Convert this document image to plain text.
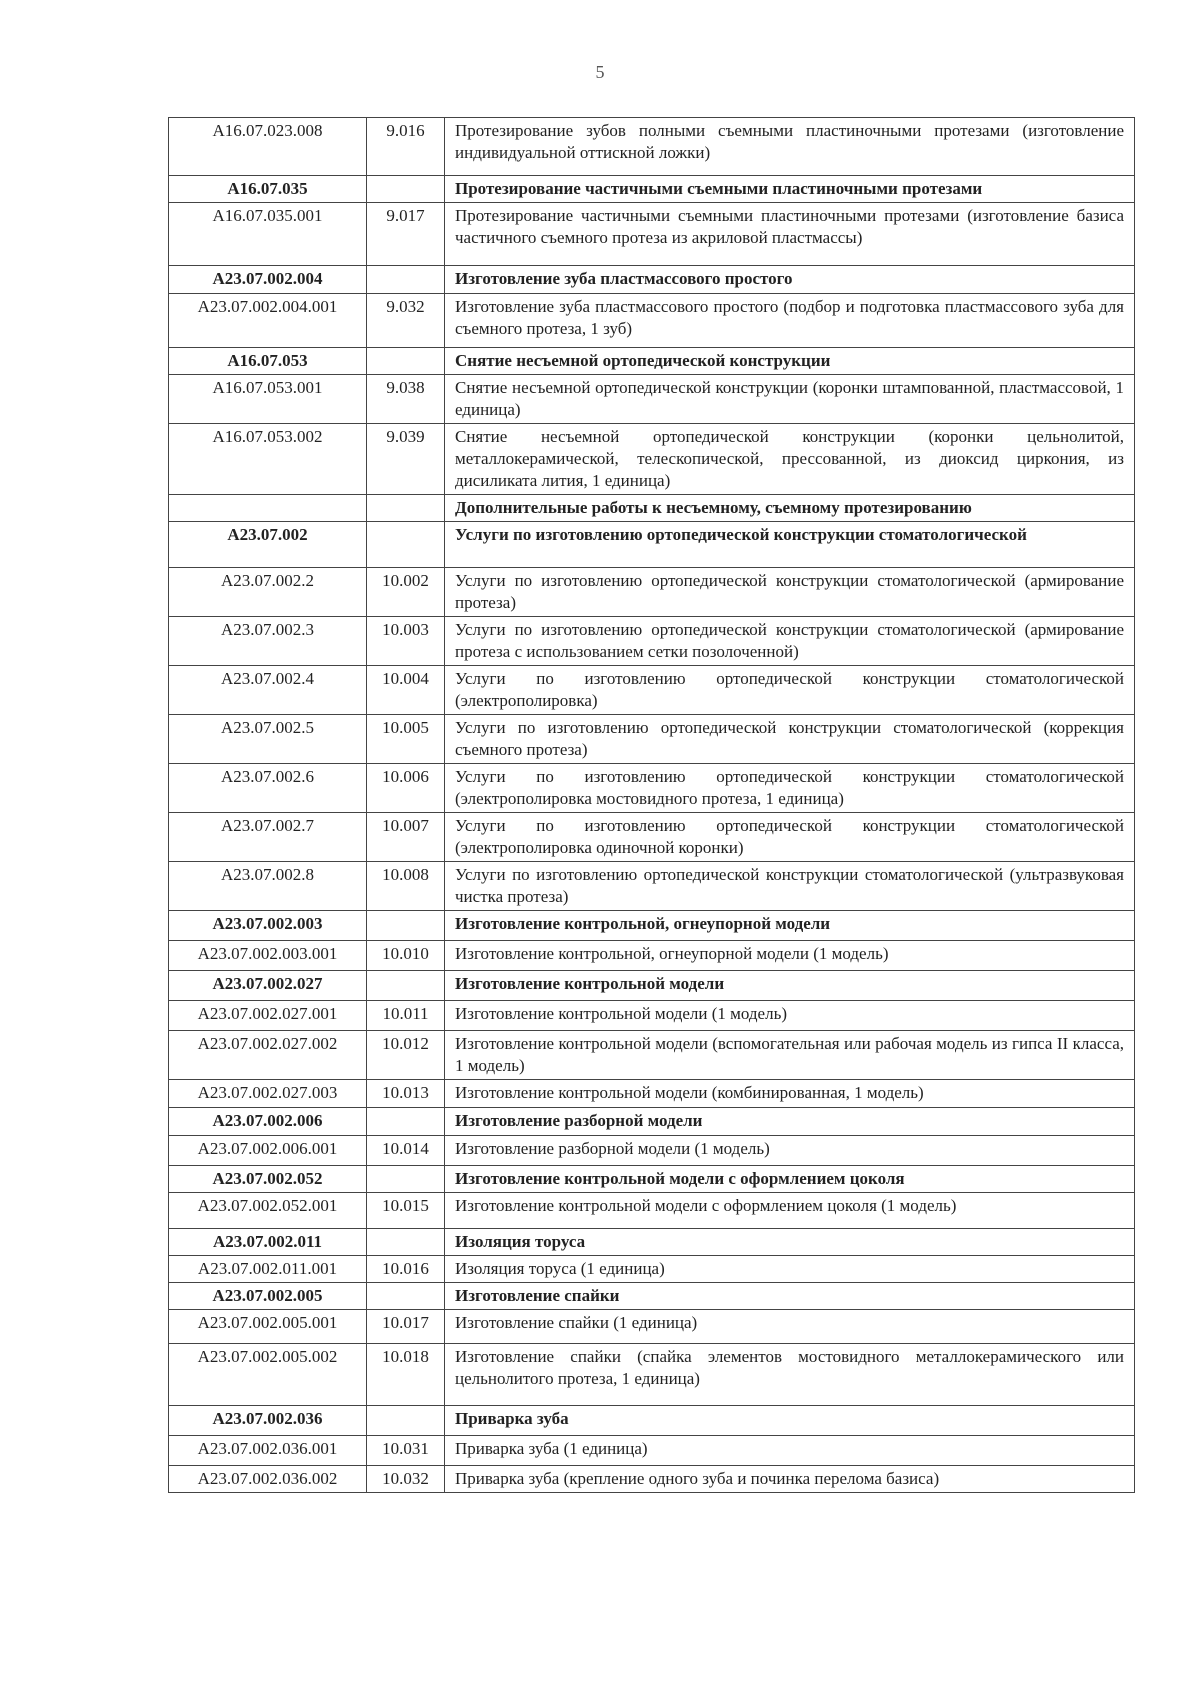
5
А16.07.023.008	9.016	Протезирование зубов полными съемными пластиночными протезами (изготовление индивидуальной оттискной ложки)
А16.07.035		Протезирование частичными съемными пластиночными протезами
А16.07.035.001	9.017	Протезирование частичными съемными пластиночными протезами (изготовление базиса частичного съемного протеза из акриловой пластмассы)
А23.07.002.004		Изготовление зуба пластмассового простого
А23.07.002.004.001	9.032	Изготовление зуба пластмассового простого (подбор и подготовка пластмассового зуба для съемного протеза, 1 зуб)
А16.07.053		Снятие несъемной ортопедической конструкции
А16.07.053.001	9.038	Снятие несъемной ортопедической конструкции (коронки штампованной, пластмассовой, 1 единица)
А16.07.053.002	9.039	Снятие несъемной ортопедической конструкции (коронки цельнолитой, металлокерамической, телескопической, прессованной, из диоксид циркония, из дисиликата лития, 1 единица)
		Дополнительные работы к несъемному, съемному протезированию
А23.07.002		Услуги по изготовлению ортопедической конструкции стоматологической
А23.07.002.2	10.002	Услуги по изготовлению ортопедической конструкции стоматологической (армирование протеза)
А23.07.002.3	10.003	Услуги по изготовлению ортопедической конструкции стоматологической (армирование протеза с использованием сетки позолоченной)
А23.07.002.4	10.004	Услуги по изготовлению ортопедической конструкции стоматологической (электрополировка)
А23.07.002.5	10.005	Услуги по изготовлению ортопедической конструкции стоматологической (коррекция съемного протеза)
А23.07.002.6	10.006	Услуги по изготовлению ортопедической конструкции стоматологической (электрополировка мостовидного протеза, 1 единица)
А23.07.002.7	10.007	Услуги по изготовлению ортопедической конструкции стоматологической (электрополировка одиночной коронки)
А23.07.002.8	10.008	Услуги по изготовлению ортопедической конструкции стоматологической (ультразвуковая чистка протеза)
А23.07.002.003		Изготовление контрольной, огнеупорной модели
А23.07.002.003.001	10.010	Изготовление контрольной, огнеупорной модели (1 модель)
А23.07.002.027		Изготовление контрольной модели
А23.07.002.027.001	10.011	Изготовление контрольной модели (1 модель)
А23.07.002.027.002	10.012	Изготовление контрольной модели (вспомогательная или рабочая модель из гипса II класса, 1 модель)
А23.07.002.027.003	10.013	Изготовление контрольной модели (комбинированная, 1 модель)
А23.07.002.006		Изготовление разборной модели
А23.07.002.006.001	10.014	Изготовление разборной модели (1 модель)
А23.07.002.052		Изготовление контрольной модели с оформлением цоколя
А23.07.002.052.001	10.015	Изготовление контрольной модели с оформлением цоколя (1 модель)
А23.07.002.011		Изоляция торуса
А23.07.002.011.001	10.016	Изоляция торуса (1 единица)
А23.07.002.005		Изготовление спайки
А23.07.002.005.001	10.017	Изготовление спайки (1 единица)
А23.07.002.005.002	10.018	Изготовление спайки (спайка элементов мостовидного металлокерамического или цельнолитого протеза, 1 единица)
А23.07.002.036		Приварка зуба
А23.07.002.036.001	10.031	Приварка зуба (1 единица)
А23.07.002.036.002	10.032	Приварка зуба (крепление одного зуба и починка перелома базиса)
